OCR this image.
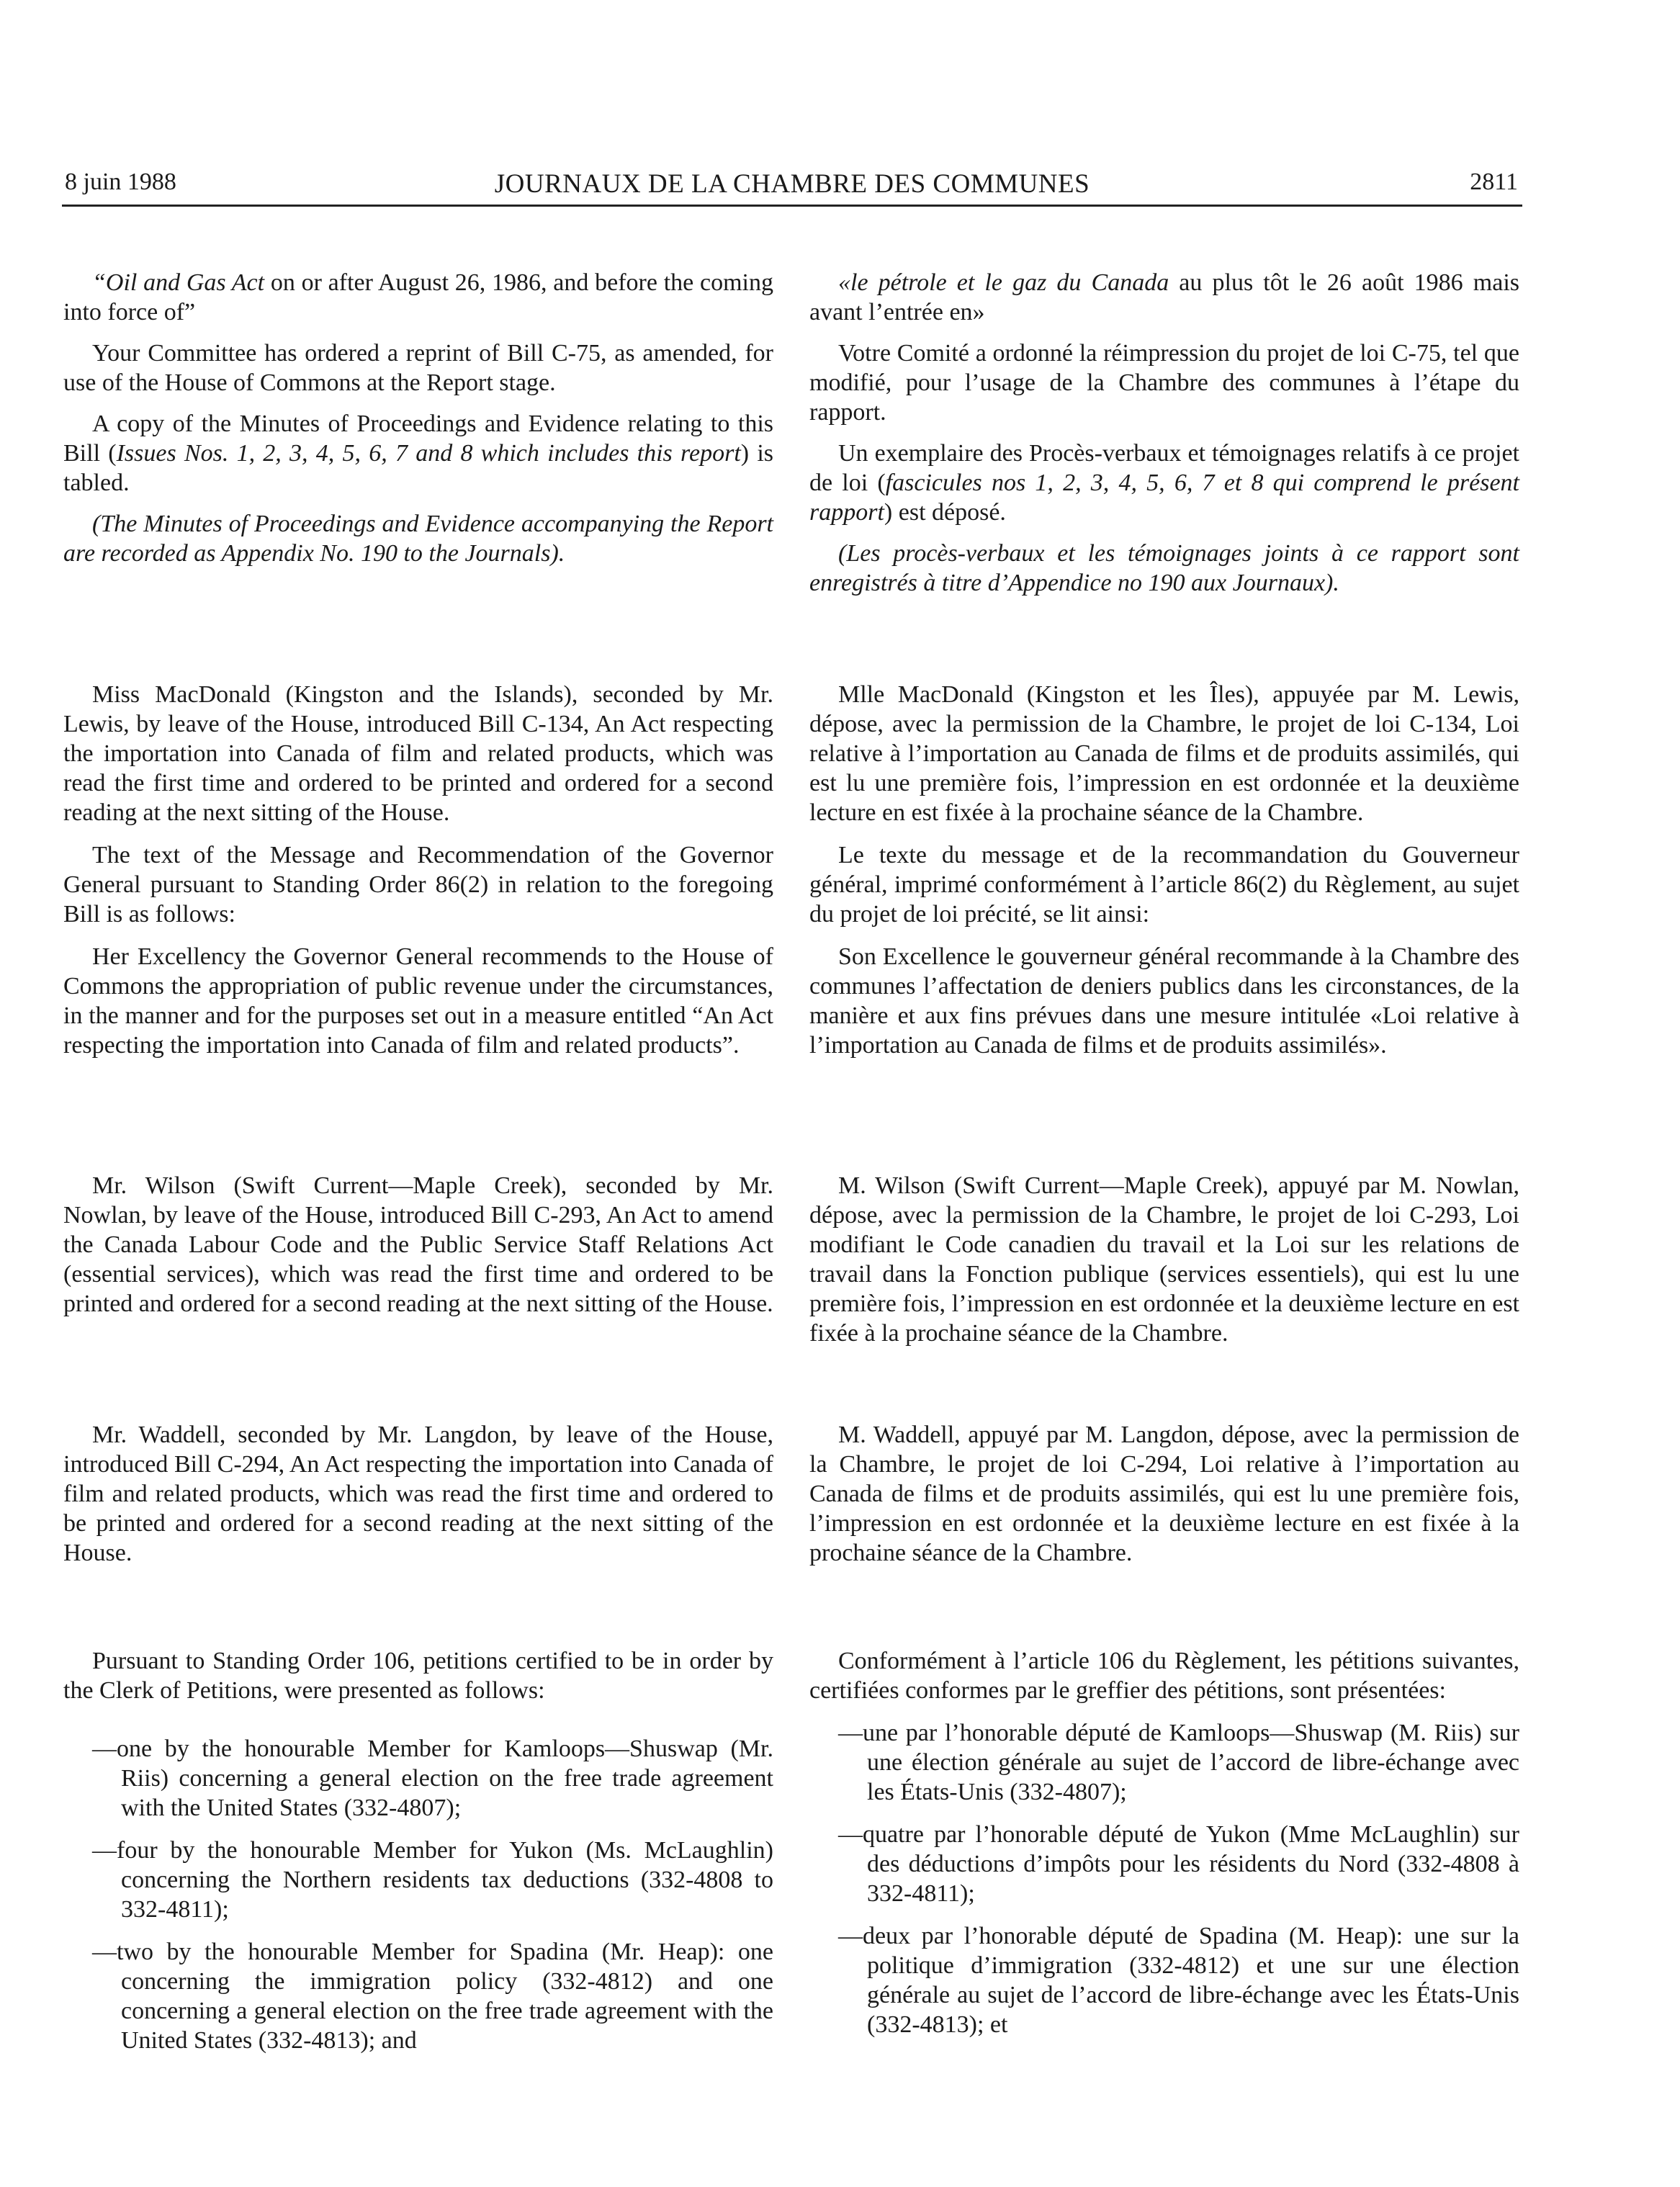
8 juin 1988	JOURNAUX DE LA CHAMBRE DES COMMUNES	2811

“Oil and Gas Act on or after August 26, 1986, and before the coming into force of”

Your Committee has ordered a reprint of Bill C-75, as amended, for use of the House of Commons at the Report stage.

A copy of the Minutes of Proceedings and Evidence relating to this Bill (Issues Nos. 1, 2, 3, 4, 5, 6, 7 and 8 which includes this report) is tabled.

(The Minutes of Proceedings and Evidence accompanying the Report are recorded as Appendix No. 190 to the Journals).

Miss MacDonald (Kingston and the Islands), seconded by Mr. Lewis, by leave of the House, introduced Bill C-134, An Act respecting the importation into Canada of film and related products, which was read the first time and ordered to be printed and ordered for a second reading at the next sitting of the House.

The text of the Message and Recommendation of the Governor General pursuant to Standing Order 86(2) in relation to the foregoing Bill is as follows:

Her Excellency the Governor General recommends to the House of Commons the appropriation of public revenue under the circumstances, in the manner and for the purposes set out in a measure entitled “An Act respecting the importation into Canada of film and related products”.

Mr. Wilson (Swift Current—Maple Creek), seconded by Mr. Nowlan, by leave of the House, introduced Bill C-293, An Act to amend the Canada Labour Code and the Public Service Staff Relations Act (essential services), which was read the first time and ordered to be printed and ordered for a second reading at the next sitting of the House.

Mr. Waddell, seconded by Mr. Langdon, by leave of the House, introduced Bill C-294, An Act respecting the importation into Canada of film and related products, which was read the first time and ordered to be printed and ordered for a second reading at the next sitting of the House.

Pursuant to Standing Order 106, petitions certified to be in order by the Clerk of Petitions, were presented as follows:

—one by the honourable Member for Kamloops—Shuswap (Mr. Riis) concerning a general election on the free trade agreement with the United States (332-4807);

—four by the honourable Member for Yukon (Ms. McLaughlin) concerning the Northern residents tax deductions (332-4808 to 332-4811);

—two by the honourable Member for Spadina (Mr. Heap): one concerning the immigration policy (332-4812) and one concerning a general election on the free trade agreement with the United States (332-4813); and

«le pétrole et le gaz du Canada au plus tôt le 26 août 1986 mais avant l’entrée en»

Votre Comité a ordonné la réimpression du projet de loi C-75, tel que modifié, pour l’usage de la Chambre des communes à l’étape du rapport.

Un exemplaire des Procès-verbaux et témoignages relatifs à ce projet de loi (fascicules nos 1, 2, 3, 4, 5, 6, 7 et 8 qui comprend le présent rapport) est déposé.

(Les procès-verbaux et les témoignages joints à ce rapport sont enregistrés à titre d’Appendice no 190 aux Journaux).

Mlle MacDonald (Kingston et les Îles), appuyée par M. Lewis, dépose, avec la permission de la Chambre, le projet de loi C-134, Loi relative à l’importation au Canada de films et de produits assimilés, qui est lu une première fois, l’impression en est ordonnée et la deuxième lecture en est fixée à la prochaine séance de la Chambre.

Le texte du message et de la recommandation du Gouverneur général, imprimé conformément à l’article 86(2) du Règlement, au sujet du projet de loi précité, se lit ainsi:

Son Excellence le gouverneur général recommande à la Chambre des communes l’affectation de deniers publics dans les circonstances, de la manière et aux fins prévues dans une mesure intitulée «Loi relative à l’importation au Canada de films et de produits assimilés».

M. Wilson (Swift Current—Maple Creek), appuyé par M. Nowlan, dépose, avec la permission de la Chambre, le projet de loi C-293, Loi modifiant le Code canadien du travail et la Loi sur les relations de travail dans la Fonction publique (services essentiels), qui est lu une première fois, l’impression en est ordonnée et la deuxième lecture en est fixée à la prochaine séance de la Chambre.

M. Waddell, appuyé par M. Langdon, dépose, avec la permission de la Chambre, le projet de loi C-294, Loi relative à l’importation au Canada de films et de produits assimilés, qui est lu une première fois, l’impression en est ordonnée et la deuxième lecture en est fixée à la prochaine séance de la Chambre.

Conformément à l’article 106 du Règlement, les pétitions suivantes, certifiées conformes par le greffier des pétitions, sont présentées:

—une par l’honorable député de Kamloops—Shuswap (M. Riis) sur une élection générale au sujet de l’accord de libre-échange avec les États-Unis (332-4807);

—quatre par l’honorable député de Yukon (Mme McLaughlin) sur des déductions d’impôts pour les résidents du Nord (332-4808 à 332-4811);

—deux par l’honorable député de Spadina (M. Heap): une sur la politique d’immigration (332-4812) et une sur une élection générale au sujet de l’accord de libre-échange avec les États-Unis (332-4813); et
